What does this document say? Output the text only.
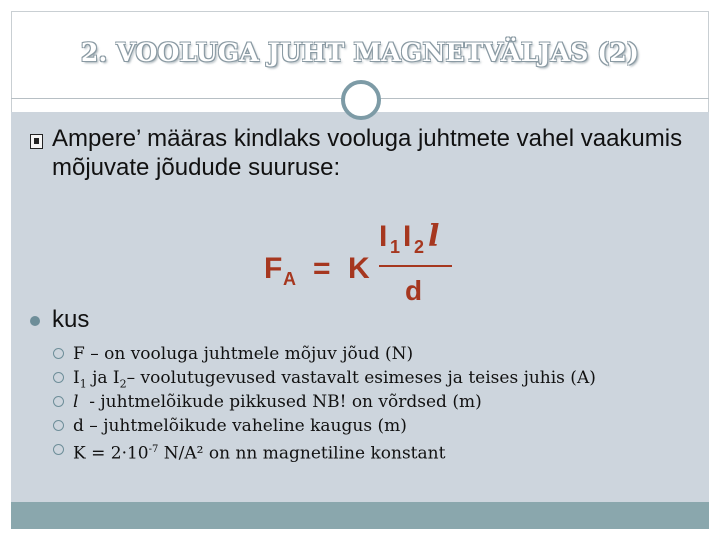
2. VOOLUGA JUHT MAGNETVÄLJAS (2)
Ampere’ määras kindlaks vooluga juhtmete vahel vaakumis mõjuvate jõudude suuruse:
F A = K
I 1 I 2 l
d
kus
F – on vooluga juhtmele mõjuv jõud (N)
$I_1$ ja $I_2-$ voolutugevused vastavalt esimeses ja teises juhis (A)
l  - juhtmelõikude pikkused NB! on võrdsed (m)
d – juhtmelõikude vaheline kaugus (m)
$K = 2\cdot 10^{-7}$ N/A² on nn magnetiline konstant
